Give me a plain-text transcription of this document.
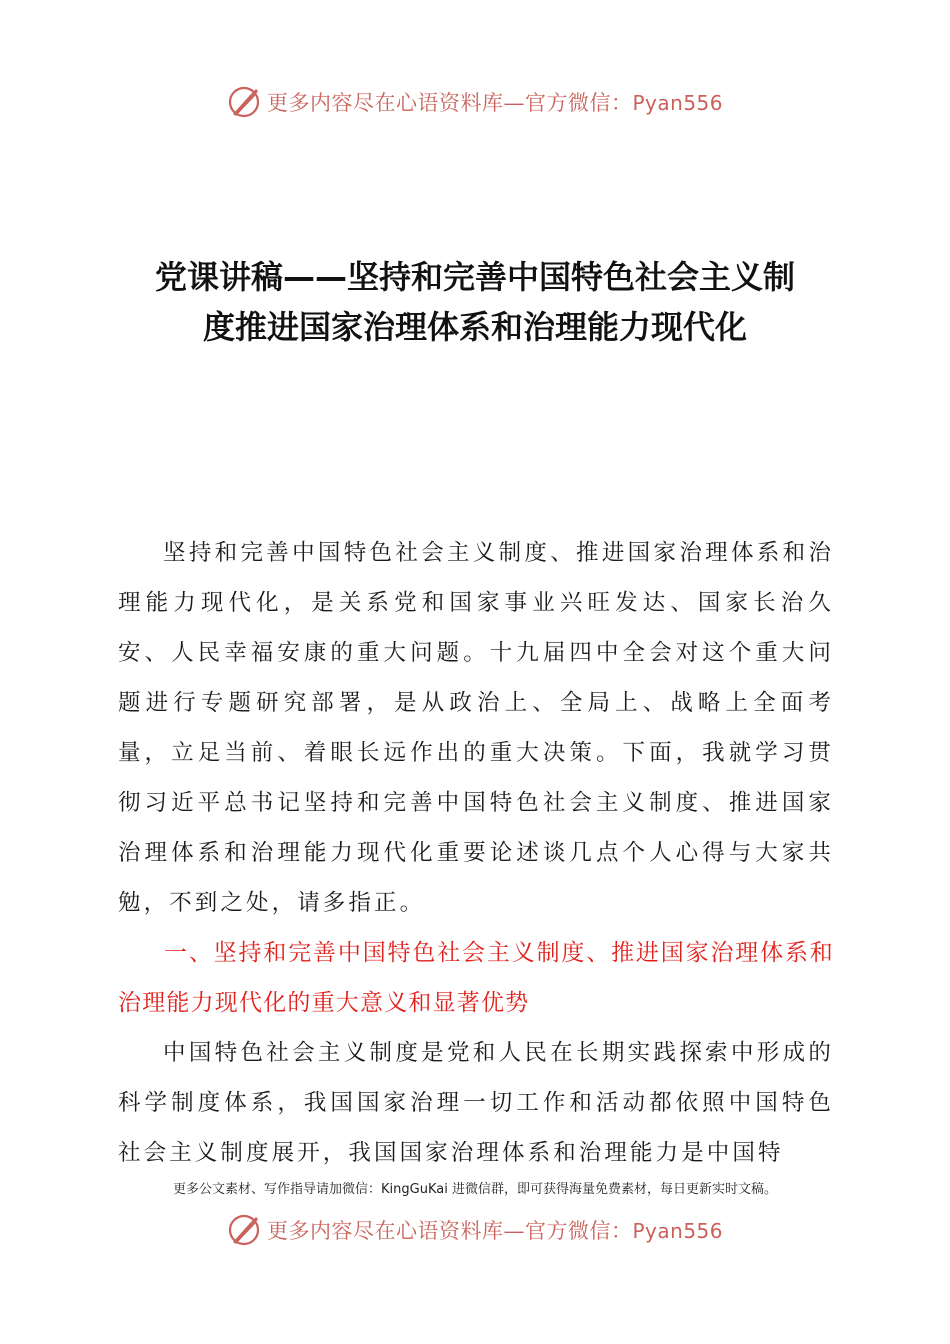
更多内容尽在心语资料库—官方微信：Pyan556
党课讲稿——坚持和完善中国特色社会主义制
度推进国家治理体系和治理能力现代化

坚持和完善中国特色社会主义制度、推进国家治理体系和治理能力现代化，是关系党和国家事业兴旺发达、国家长治久安、人民幸福安康的重大问题。十九届四中全会对这个重大问题进行专题研究部署，是从政治上、全局上、战略上全面考量，立足当前、着眼长远作出的重大决策。下面，我就学习贯彻习近平总书记坚持和完善中国特色社会主义制度、推进国家治理体系和治理能力现代化重要论述谈几点个人心得与大家共勉，不到之处，请多指正。

一、坚持和完善中国特色社会主义制度、推进国家治理体系和治理能力现代化的重大意义和显著优势

中国特色社会主义制度是党和人民在长期实践探索中形成的科学制度体系，我国国家治理一切工作和活动都依照中国特色社会主义制度展开，我国国家治理体系和治理能力是中国特

更多公文素材、写作指导请加微信：KingGuKai 进微信群，即可获得海量免费素材，每日更新实时文稿。
更多内容尽在心语资料库—官方微信：Pyan556
